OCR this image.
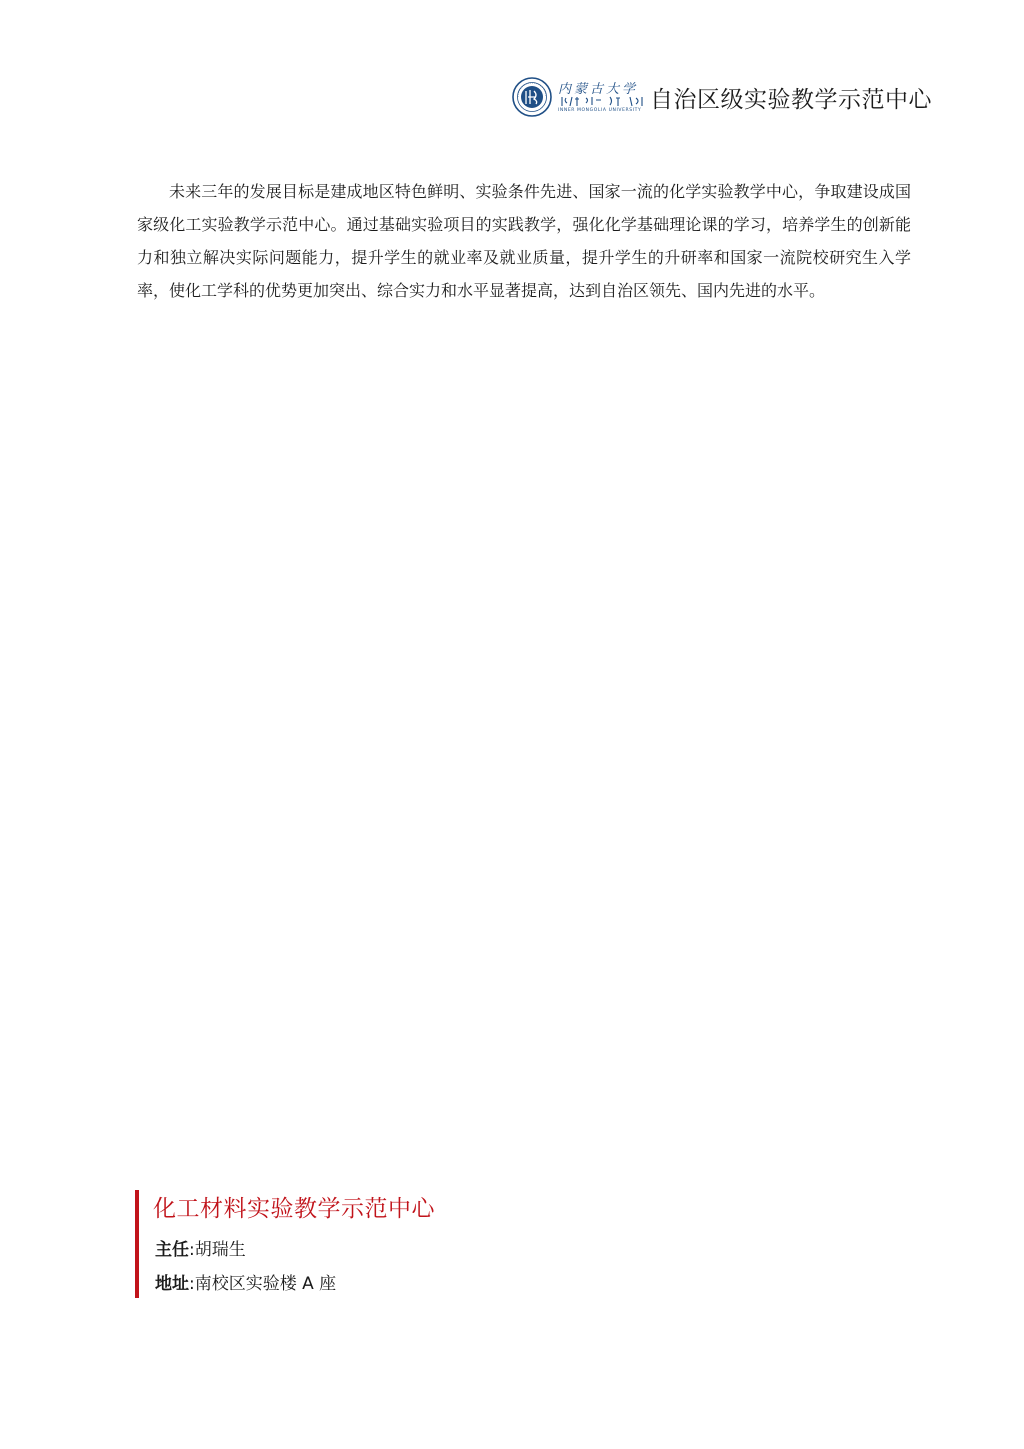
内蒙古大学
INNER MONGOLIA UNIVERSITY 自治区级实验教学示范中心

未来三年的发展目标是建成地区特色鲜明、实验条件先进、国家一流的化学实验教学中心，争取建设成国家级化工实验教学示范中心。通过基础实验项目的实践教学，强化化学基础理论课的学习，培养学生的创新能力和独立解决实际问题能力，提升学生的就业率及就业质量，提升学生的升研率和国家一流院校研究生入学率，使化工学科的优势更加突出、综合实力和水平显著提高，达到自治区领先、国内先进的水平。

化工材料实验教学示范中心
主任:胡瑞生
地址:南校区实验楼 A 座
